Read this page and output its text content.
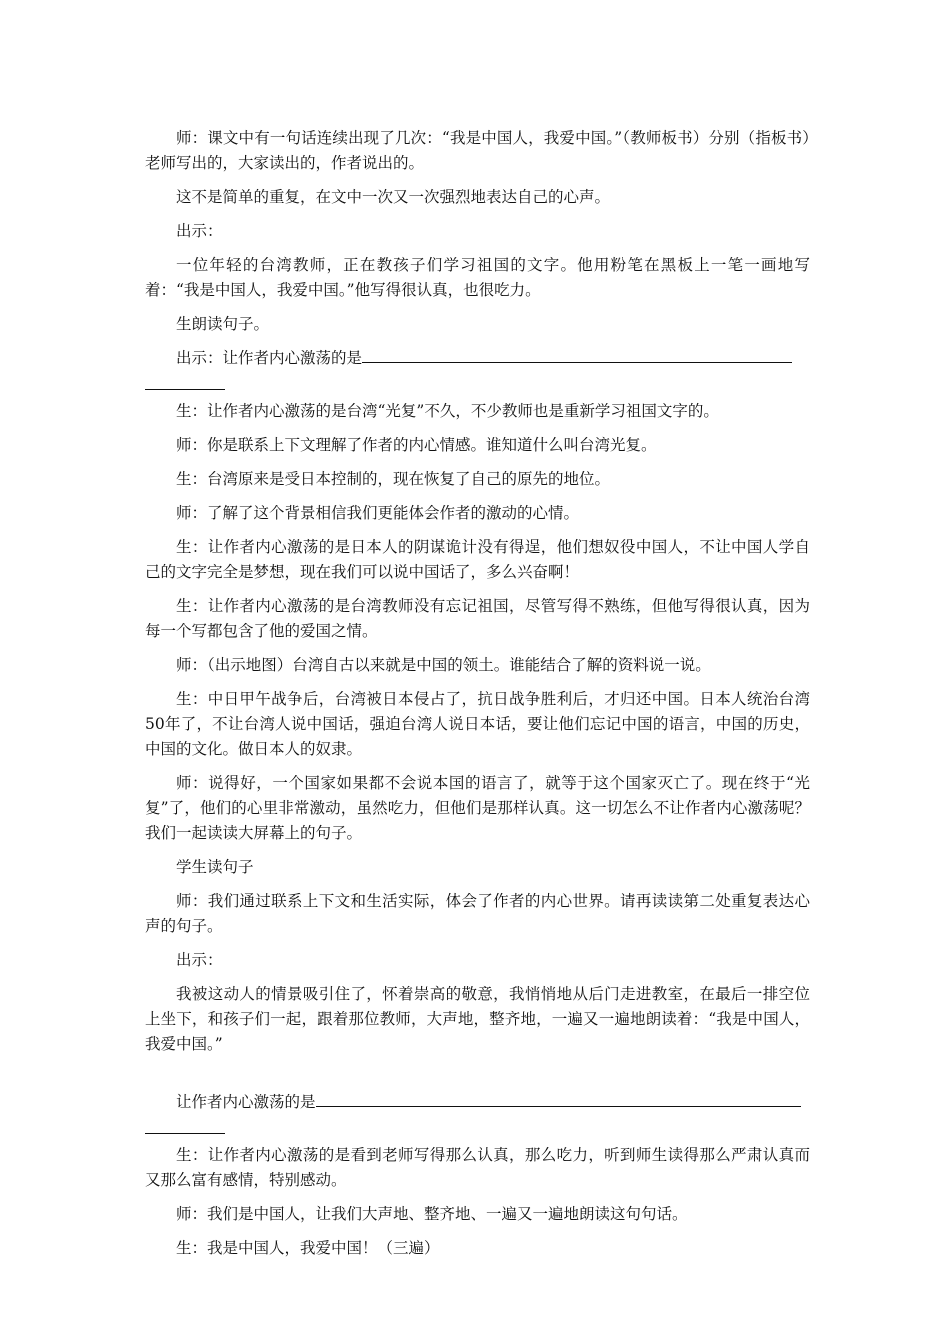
师：课文中有一句话连续出现了几次：“我是中国人，我爱中国。”（教师板书）分别（指板书）老师写出的，大家读出的，作者说出的。

这不是简单的重复，在文中一次又一次强烈地表达自己的心声。

出示：

一位年轻的台湾教师，正在教孩子们学习祖国的文字。他用粉笔在黑板上一笔一画地写着：“我是中国人，我爱中国。”他写得很认真，也很吃力。

生朗读句子。

出示：让作者内心激荡的是

生：让作者内心激荡的是台湾“光复”不久，不少教师也是重新学习祖国文字的。

师：你是联系上下文理解了作者的内心情感。谁知道什么叫台湾光复。

生：台湾原来是受日本控制的，现在恢复了自己的原先的地位。

师：了解了这个背景相信我们更能体会作者的激动的心情。

生：让作者内心激荡的是日本人的阴谋诡计没有得逞，他们想奴役中国人，不让中国人学自己的文字完全是梦想，现在我们可以说中国话了，多么兴奋啊！

生：让作者内心激荡的是台湾教师没有忘记祖国，尽管写得不熟练，但他写得很认真，因为每一个写都包含了他的爱国之情。

师：（出示地图）台湾自古以来就是中国的领土。谁能结合了解的资料说一说。

生：中日甲午战争后，台湾被日本侵占了，抗日战争胜利后，才归还中国。日本人统治台湾50年了，不让台湾人说中国话，强迫台湾人说日本话，要让他们忘记中国的语言，中国的历史，中国的文化。做日本人的奴隶。

师：说得好，一个国家如果都不会说本国的语言了，就等于这个国家灭亡了。现在终于“光复”了，他们的心里非常激动，虽然吃力，但他们是那样认真。这一切怎么不让作者内心激荡呢？我们一起读读大屏幕上的句子。

学生读句子

师：我们通过联系上下文和生活实际，体会了作者的内心世界。请再读读第二处重复表达心声的句子。

出示：

我被这动人的情景吸引住了，怀着崇高的敬意，我悄悄地从后门走进教室，在最后一排空位上坐下，和孩子们一起，跟着那位教师，大声地，整齐地，一遍又一遍地朗读着：“我是中国人，我爱中国。”

让作者内心激荡的是

生：让作者内心激荡的是看到老师写得那么认真，那么吃力，听到师生读得那么严肃认真而又那么富有感情，特别感动。

师：我们是中国人，让我们大声地、整齐地、一遍又一遍地朗读这句句话。

生：我是中国人，我爱中国！（三遍）
